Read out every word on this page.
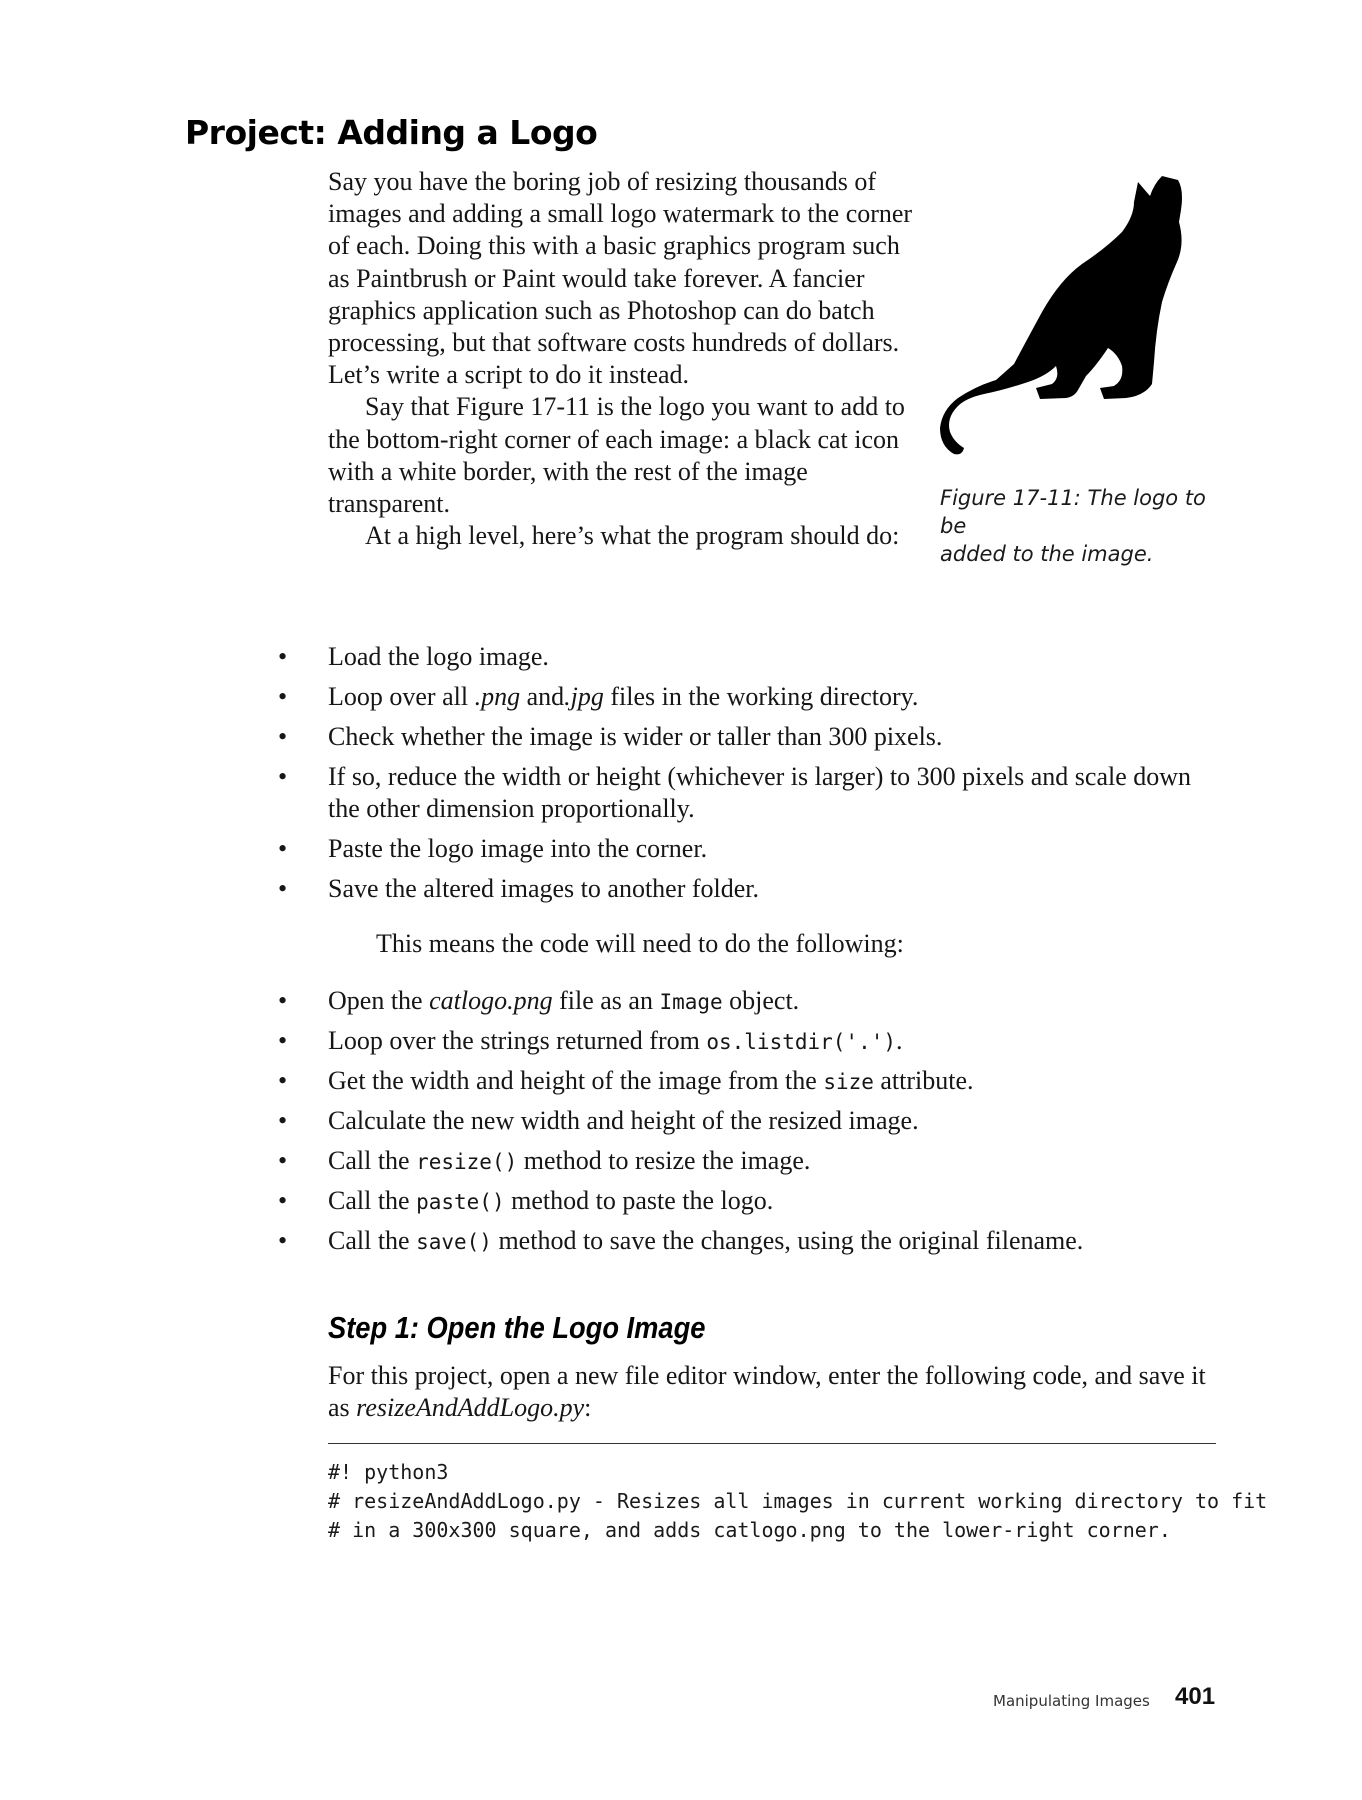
Project: Adding a Logo

Say you have the boring job of resizing thousands of images and adding a small logo watermark to the corner of each. Doing this with a basic graphics program such as Paintbrush or Paint would take forever. A fancier graphics application such as Photoshop can do batch processing, but that software costs hundreds of dollars. Let’s write a script to do it instead.

Say that Figure 17-11 is the logo you want to add to the bottom-right corner of each image: a black cat icon with a white border, with the rest of the image transparent.

At a high level, here’s what the program should do:

Figure 17-11: The logo to be
added to the image.
• Load the logo image.
• Loop over all .png and.jpg files in the working directory.
• Check whether the image is wider or taller than 300 pixels.
• If so, reduce the width or height (whichever is larger) to 300 pixels and scale down the other dimension proportionally.
• Paste the logo image into the corner.
• Save the altered images to another folder.
This means the code will need to do the following:
• Open the catlogo.png file as an Image object.
• Loop over the strings returned from os.listdir('.').
• Get the width and height of the image from the size attribute.
• Calculate the new width and height of the resized image.
• Call the resize() method to resize the image.
• Call the paste() method to paste the logo.
• Call the save() method to save the changes, using the original filename.
Step 1: Open the Logo Image

For this project, open a new file editor window, enter the following code, and save it as resizeAndAddLogo.py:

#! python3
# resizeAndAddLogo.py - Resizes all images in current working directory to fit
# in a 300x300 square, and adds catlogo.png to the lower-right corner.
Manipulating Images 401
